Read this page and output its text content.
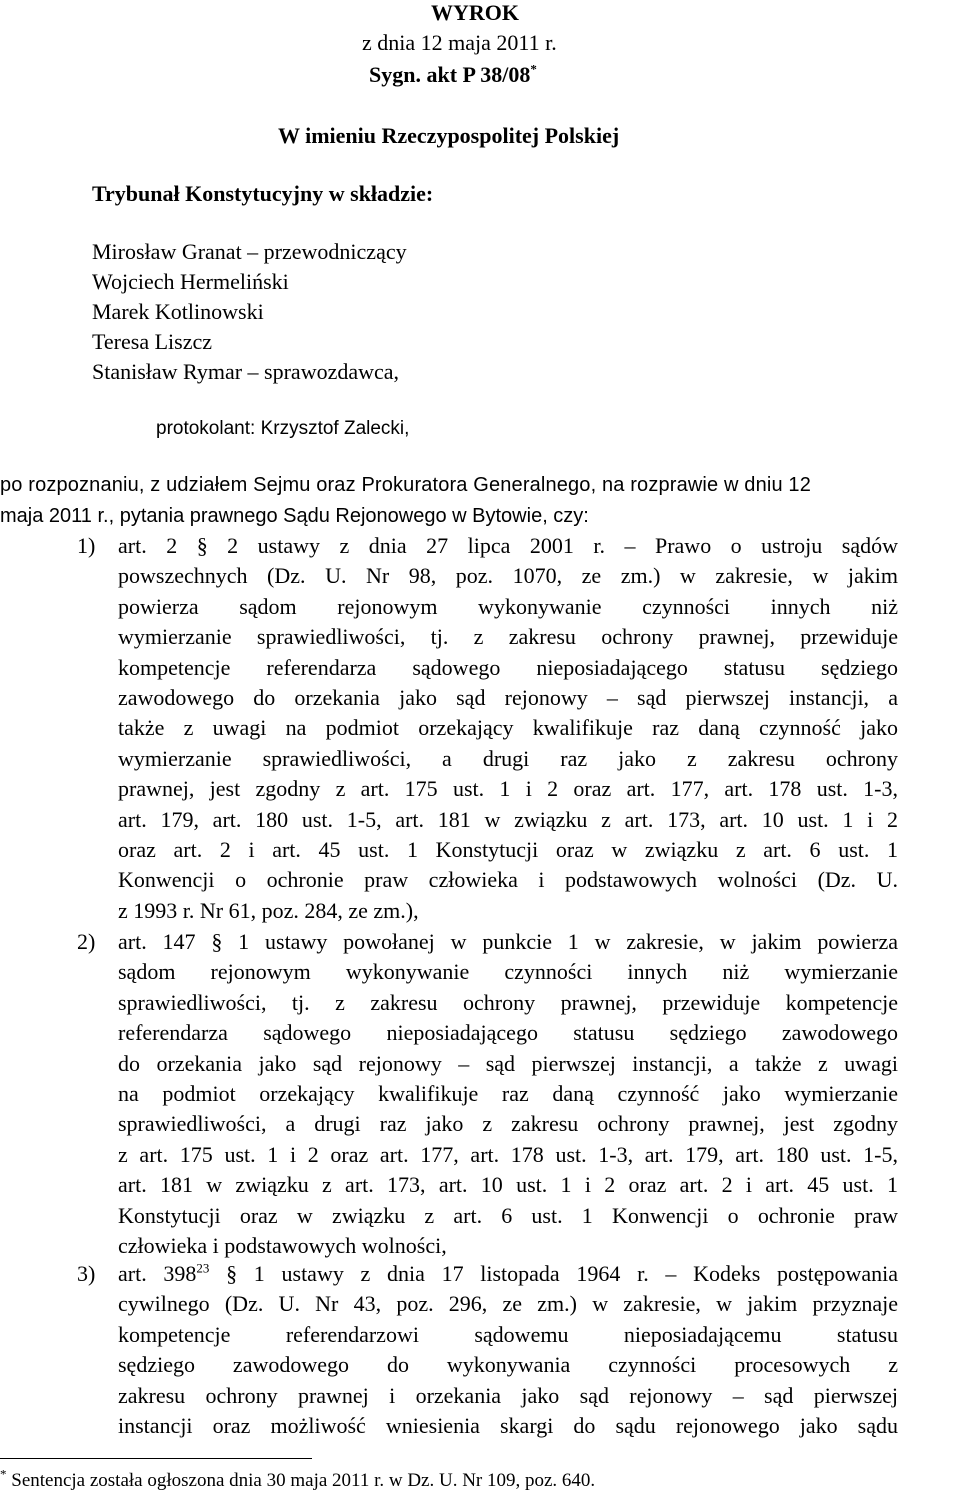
WYROK
z dnia 12 maja 2011 r.
Sygn. akt P 38/08*
W imieniu Rzeczypospolitej Polskiej
Trybunał Konstytucyjny w składzie:
Mirosław Granat – przewodniczący
Wojciech Hermeliński
Marek Kotlinowski
Teresa Liszcz
Stanisław Rymar – sprawozdawca,
protokolant: Krzysztof Zalecki,
po rozpoznaniu, z udziałem Sejmu oraz Prokuratora Generalnego, na rozprawie w dniu 12
maja 2011 r., pytania prawnego Sądu Rejonowego w Bytowie, czy:
1) art. 2 § 2 ustawy z dnia 27 lipca 2001 r. – Prawo o ustroju sądów
powszechnych (Dz. U. Nr 98, poz. 1070, ze zm.) w zakresie, w jakim
powierza sądom rejonowym wykonywanie czynności innych niż
wymierzanie sprawiedliwości, tj. z zakresu ochrony prawnej, przewiduje
kompetencje referendarza sądowego nieposiadającego statusu sędziego
zawodowego do orzekania jako sąd rejonowy – sąd pierwszej instancji, a
także z uwagi na podmiot orzekający kwalifikuje raz daną czynność jako
wymierzanie sprawiedliwości, a drugi raz jako z zakresu ochrony
prawnej, jest zgodny z art. 175 ust. 1 i 2 oraz art. 177, art. 178 ust. 1-3,
art. 179, art. 180 ust. 1-5, art. 181 w związku z art. 173, art. 10 ust. 1 i 2
oraz art. 2 i art. 45 ust. 1 Konstytucji oraz w związku z art. 6 ust. 1
Konwencji o ochronie praw człowieka i podstawowych wolności (Dz. U.
z 1993 r. Nr 61, poz. 284, ze zm.),
2) art. 147 § 1 ustawy powołanej w punkcie 1 w zakresie, w jakim powierza
sądom rejonowym wykonywanie czynności innych niż wymierzanie
sprawiedliwości, tj. z zakresu ochrony prawnej, przewiduje kompetencje
referendarza sądowego nieposiadającego statusu sędziego zawodowego
do orzekania jako sąd rejonowy – sąd pierwszej instancji, a także z uwagi
na podmiot orzekający kwalifikuje raz daną czynność jako wymierzanie
sprawiedliwości, a drugi raz jako z zakresu ochrony prawnej, jest zgodny
z art. 175 ust. 1 i 2 oraz art. 177, art. 178 ust. 1-3, art. 179, art. 180 ust. 1-5,
art. 181 w związku z art. 173, art. 10 ust. 1 i 2 oraz art. 2 i art. 45 ust. 1
Konstytucji oraz w związku z art. 6 ust. 1 Konwencji o ochronie praw
człowieka i podstawowych wolności,
3) art. $398^{23}$ § 1 ustawy z dnia 17 listopada 1964 r. – Kodeks postępowania
cywilnego (Dz. U. Nr 43, poz. 296, ze zm.) w zakresie, w jakim przyznaje
kompetencje referendarzowi sądowemu nieposiadającemu statusu
sędziego zawodowego do wykonywania czynności procesowych z
zakresu ochrony prawnej i orzekania jako sąd rejonowy – sąd pierwszej
instancji oraz możliwość wniesienia skargi do sądu rejonowego jako sądu
* Sentencja została ogłoszona dnia 30 maja 2011 r. w Dz. U. Nr 109, poz. 640.
